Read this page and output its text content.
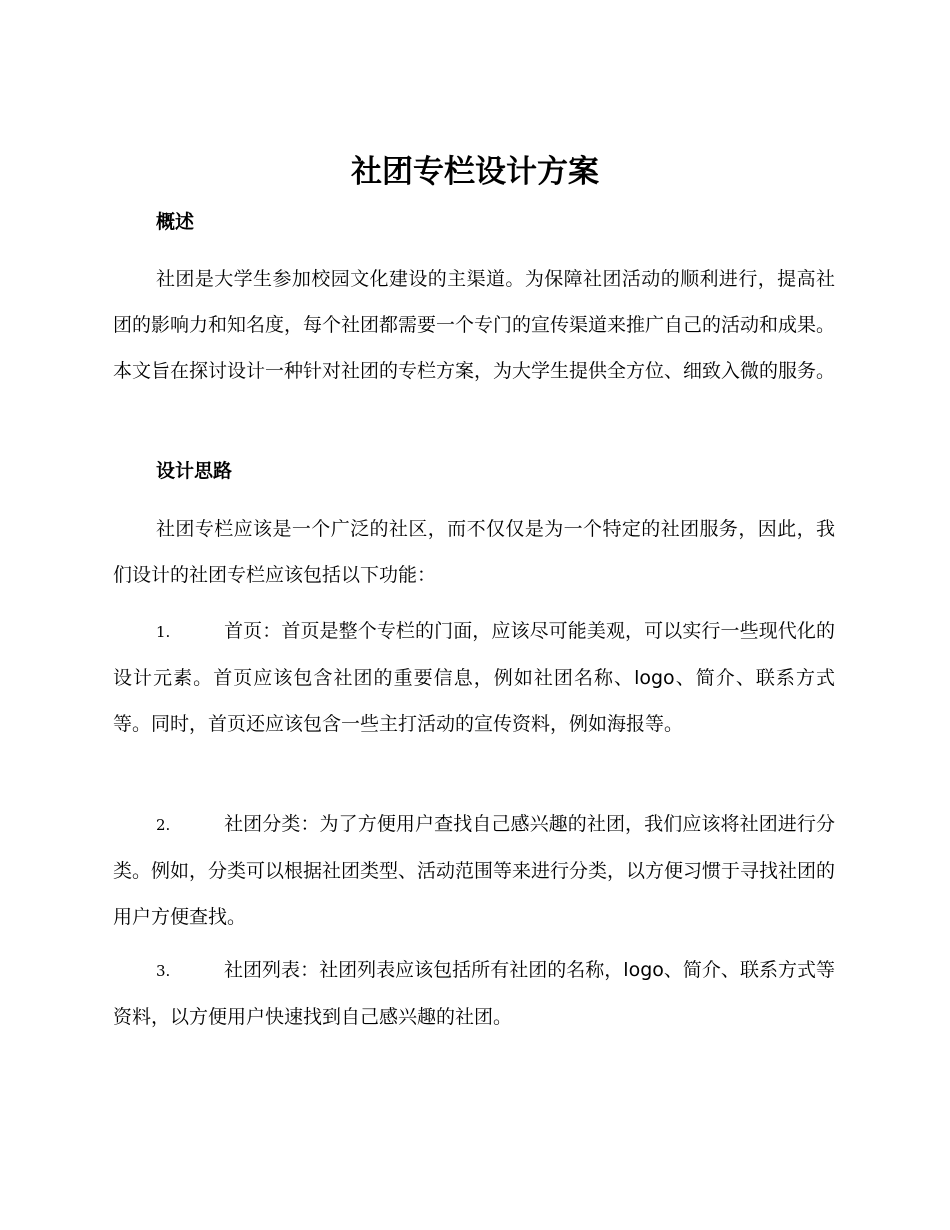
社团专栏设计方案
概述

社团是大学生参加校园文化建设的主渠道。为保障社团活动的顺利进行，提高社团的影响力和知名度，每个社团都需要一个专门的宣传渠道来推广自己的活动和成果。本文旨在探讨设计一种针对社团的专栏方案，为大学生提供全方位、细致入微的服务。

设计思路

社团专栏应该是一个广泛的社区，而不仅仅是为一个特定的社团服务，因此，我们设计的社团专栏应该包括以下功能：

1.	首页：首页是整个专栏的门面，应该尽可能美观，可以实行一些现代化的设计元素。首页应该包含社团的重要信息，例如社团名称、logo、简介、联系方式等。同时，首页还应该包含一些主打活动的宣传资料，例如海报等。

2.	社团分类：为了方便用户查找自己感兴趣的社团，我们应该将社团进行分类。例如，分类可以根据社团类型、活动范围等来进行分类，以方便习惯于寻找社团的用户方便查找。

3.	社团列表：社团列表应该包括所有社团的名称，logo、简介、联系方式等资料，以方便用户快速找到自己感兴趣的社团。
